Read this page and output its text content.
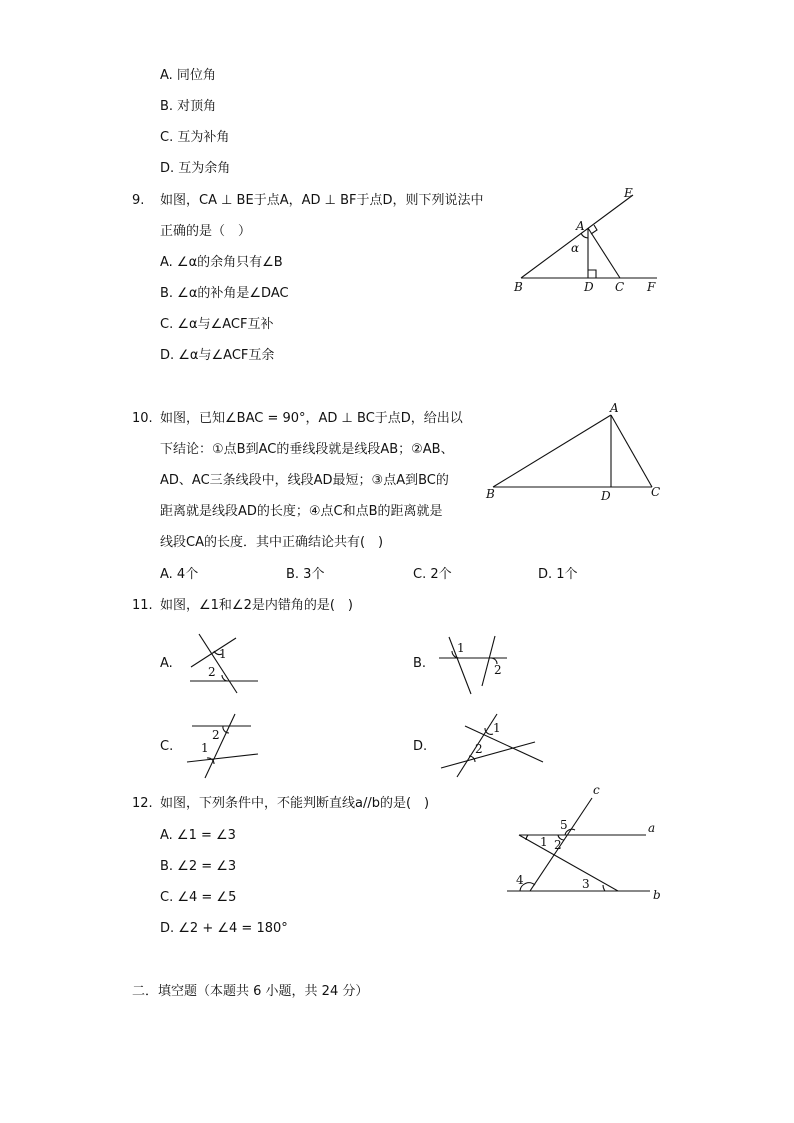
A. 同位角
B. 对顶角
C. 互为补角
D. 互为余角
9. 如图，CA ⊥ BE于点A，AD ⊥ BF于点D，则下列说法中
正确的是（　）
A. ∠α的余角只有∠B
B. ∠α的补角是∠DAC
C. ∠α与∠ACF互补
D. ∠α与∠ACF互余
E
A
α
B	D C F
10. 如图，已知∠BAC = 90°，AD ⊥ BC于点D，给出以
下结论：①点B到AC的垂线段就是线段AB；②AB、
AD、AC三条线段中，线段AD最短；③点A到BC的
距离就是线段AD的长度；④点C和点B的距离就是
线段CA的长度．其中正确结论共有(　)
A. 4个	B. 3个	C. 2个	D. 1个
A
B	D	C
11. 如图，∠1和∠2是内错角的是(　)
A.
1
2
B.
1
2
C.
2
1	D.
1
2
12. 如图，下列条件中，不能判断直线a//b的是(　)
A. ∠1 = ∠3
B. ∠2 = ∠3
C. ∠4 = ∠5
D. ∠2 + ∠4 = 180°
c
a
b
1 2
5
4	3
二．填空题（本题共 6 小题，共 24 分）
